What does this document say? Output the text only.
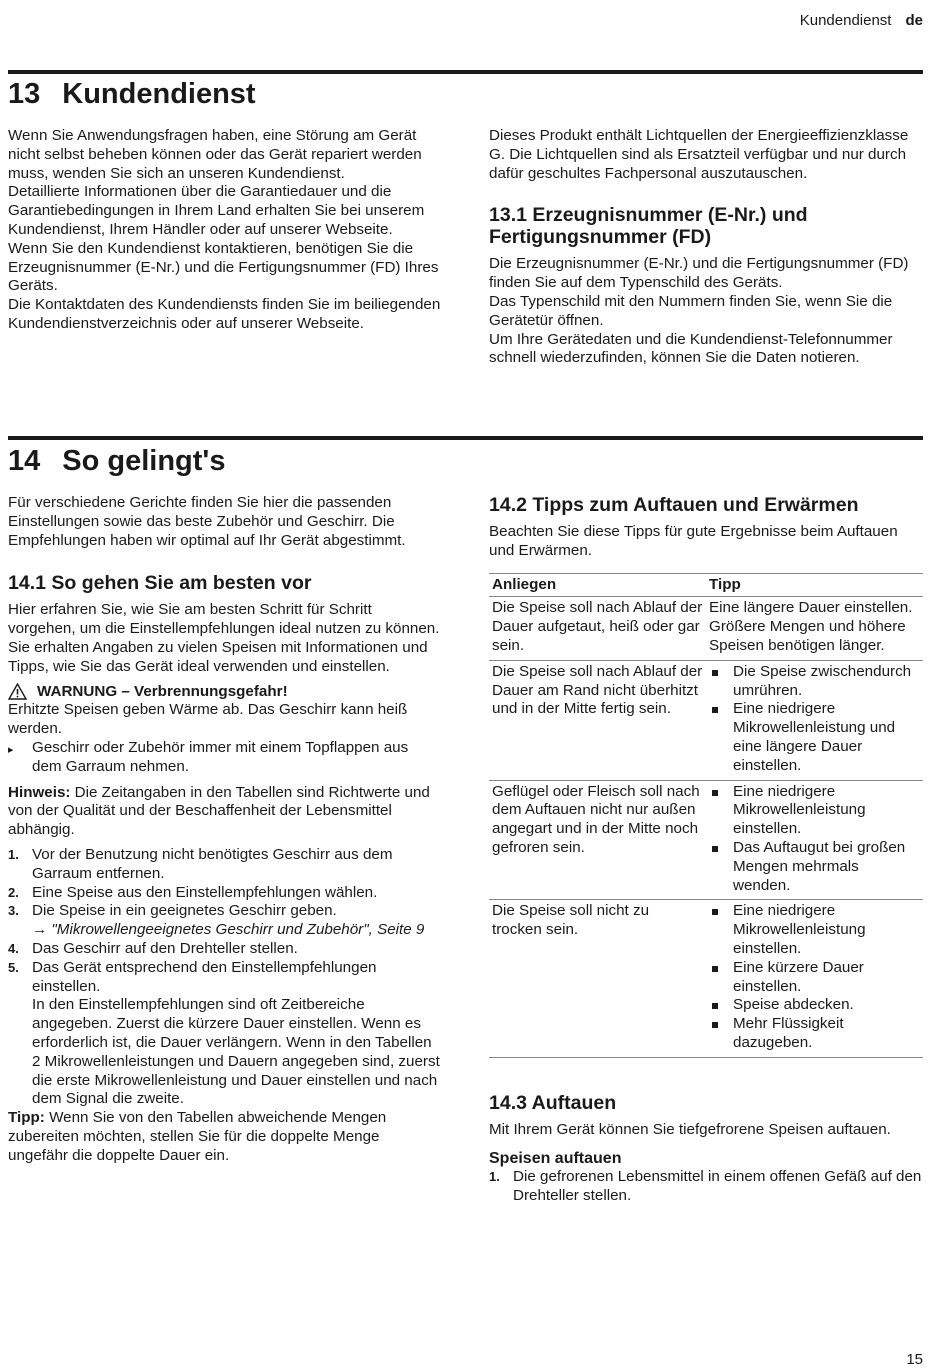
Kundendienst de
13 Kundendienst

Wenn Sie Anwendungsfragen haben, eine Störung am Gerät nicht selbst beheben können oder das Gerät repariert werden muss, wenden Sie sich an unseren Kundendienst.

Detaillierte Informationen über die Garantiedauer und die Garantiebedingungen in Ihrem Land erhalten Sie bei unserem Kundendienst, Ihrem Händler oder auf unserer Webseite.

Wenn Sie den Kundendienst kontaktieren, benötigen Sie die Erzeugnisnummer (E-Nr.) und die Fertigungsnummer (FD) Ihres Geräts.

Die Kontaktdaten des Kundendiensts finden Sie im beiliegenden Kundendienstverzeichnis oder auf unserer Webseite.

Dieses Produkt enthält Lichtquellen der Energieeffizienzklasse G. Die Lichtquellen sind als Ersatzteil verfügbar und nur durch dafür geschultes Fachpersonal auszutauschen.

13.1 Erzeugnisnummer (E-Nr.) und Fertigungsnummer (FD)

Die Erzeugnisnummer (E-Nr.) und die Fertigungsnummer (FD) finden Sie auf dem Typenschild des Geräts.

Das Typenschild mit den Nummern finden Sie, wenn Sie die Gerätetür öffnen.

Um Ihre Gerätedaten und die Kundendienst-Telefonnummer schnell wiederzufinden, können Sie die Daten notieren.

14 So gelingt's

Für verschiedene Gerichte finden Sie hier die passenden Einstellungen sowie das beste Zubehör und Geschirr. Die Empfehlungen haben wir optimal auf Ihr Gerät abgestimmt.

14.1 So gehen Sie am besten vor

Hier erfahren Sie, wie Sie am besten Schritt für Schritt vorgehen, um die Einstellempfehlungen ideal nutzen zu können. Sie erhalten Angaben zu vielen Speisen mit Informationen und Tipps, wie Sie das Gerät ideal verwenden und einstellen.

WARNUNG – Verbrennungsgefahr!

Erhitzte Speisen geben Wärme ab. Das Geschirr kann heiß werden.

▸	Geschirr oder Zubehör immer mit einem Topflappen aus dem Garraum nehmen.

Hinweis: Die Zeitangaben in den Tabellen sind Richtwerte und von der Qualität und der Beschaffenheit der Lebensmittel abhängig.

1. Vor der Benutzung nicht benötigtes Geschirr aus dem Garraum entfernen.
2. Eine Speise aus den Einstellempfehlungen wählen.
3. Die Speise in ein geeignetes Geschirr geben.
→ "Mikrowellengeeignetes Geschirr und Zubehör", Seite 9
4. Das Geschirr auf den Drehteller stellen.
5. Das Gerät entsprechend den Einstellempfehlungen einstellen.
In den Einstellempfehlungen sind oft Zeitbereiche angegeben. Zuerst die kürzere Dauer einstellen. Wenn es erforderlich ist, die Dauer verlängern. Wenn in den Tabellen 2 Mikrowellenleistungen und Dauern angegeben sind, zuerst die erste Mikrowellenleistung und Dauer einstellen und nach dem Signal die zweite.

Tipp: Wenn Sie von den Tabellen abweichende Mengen zubereiten möchten, stellen Sie für die doppelte Menge ungefähr die doppelte Dauer ein.

14.2 Tipps zum Auftauen und Erwärmen

Beachten Sie diese Tipps für gute Ergebnisse beim Auftauen und Erwärmen.

Anliegen	Tipp
Die Speise soll nach Ablauf der Dauer aufgetaut, heiß oder gar sein.	Eine längere Dauer einstellen. Größere Mengen und höhere Speisen benötigen länger.
Die Speise soll nach Ablauf der Dauer am Rand nicht überhitzt und in der Mitte fertig sein.	Die Speise zwischendurch umrühren.
Eine niedrigere Mikrowellenleistung und eine längere Dauer einstellen.

Geflügel oder Fleisch soll nach dem Auftauen nicht nur außen angegart und in der Mitte noch gefroren sein.	Eine niedrigere Mikrowellenleistung einstellen.
Das Auftaugut bei großen Mengen mehrmals wenden.

Die Speise soll nicht zu trocken sein.	Eine niedrigere Mikrowellenleistung einstellen.
Eine kürzere Dauer einstellen.
Speise abdecken.
Mehr Flüssigkeit dazugeben.
14.3 Auftauen

Mit Ihrem Gerät können Sie tiefgefrorene Speisen auftauen.

Speisen auftauen
1. Die gefrorenen Lebensmittel in einem offenen Gefäß auf den Drehteller stellen.
15
